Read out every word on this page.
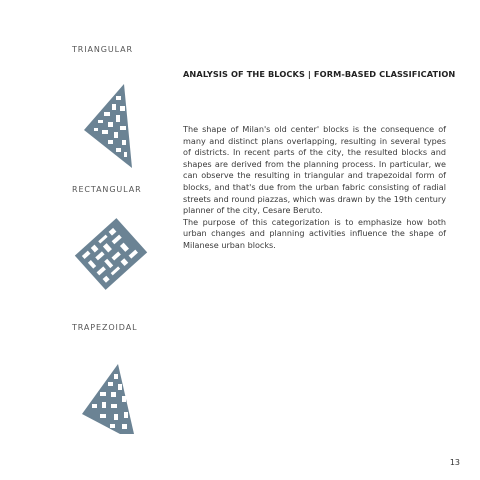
TRIANGULAR
RECTANGULAR
TRAPEZOIDAL
ANALYSIS OF THE BLOCKS | FORM-BASED CLASSIFICATION

The shape of Milan's old center' blocks is the consequence of many and distinct plans overlapping, resulting in several types of districts. In recent parts of the city, the resulted blocks and shapes are derived from the planning process. In particular, we can observe the resulting in triangular and trapezoidal form of blocks, and that's due from the urban fabric consisting of radial streets and round piazzas, which was drawn by the 19th century planner of the city, Cesare Beruto.

The purpose of this categorization is to emphasize how both urban changes and planning activities influence the shape of Milanese urban blocks.

13
